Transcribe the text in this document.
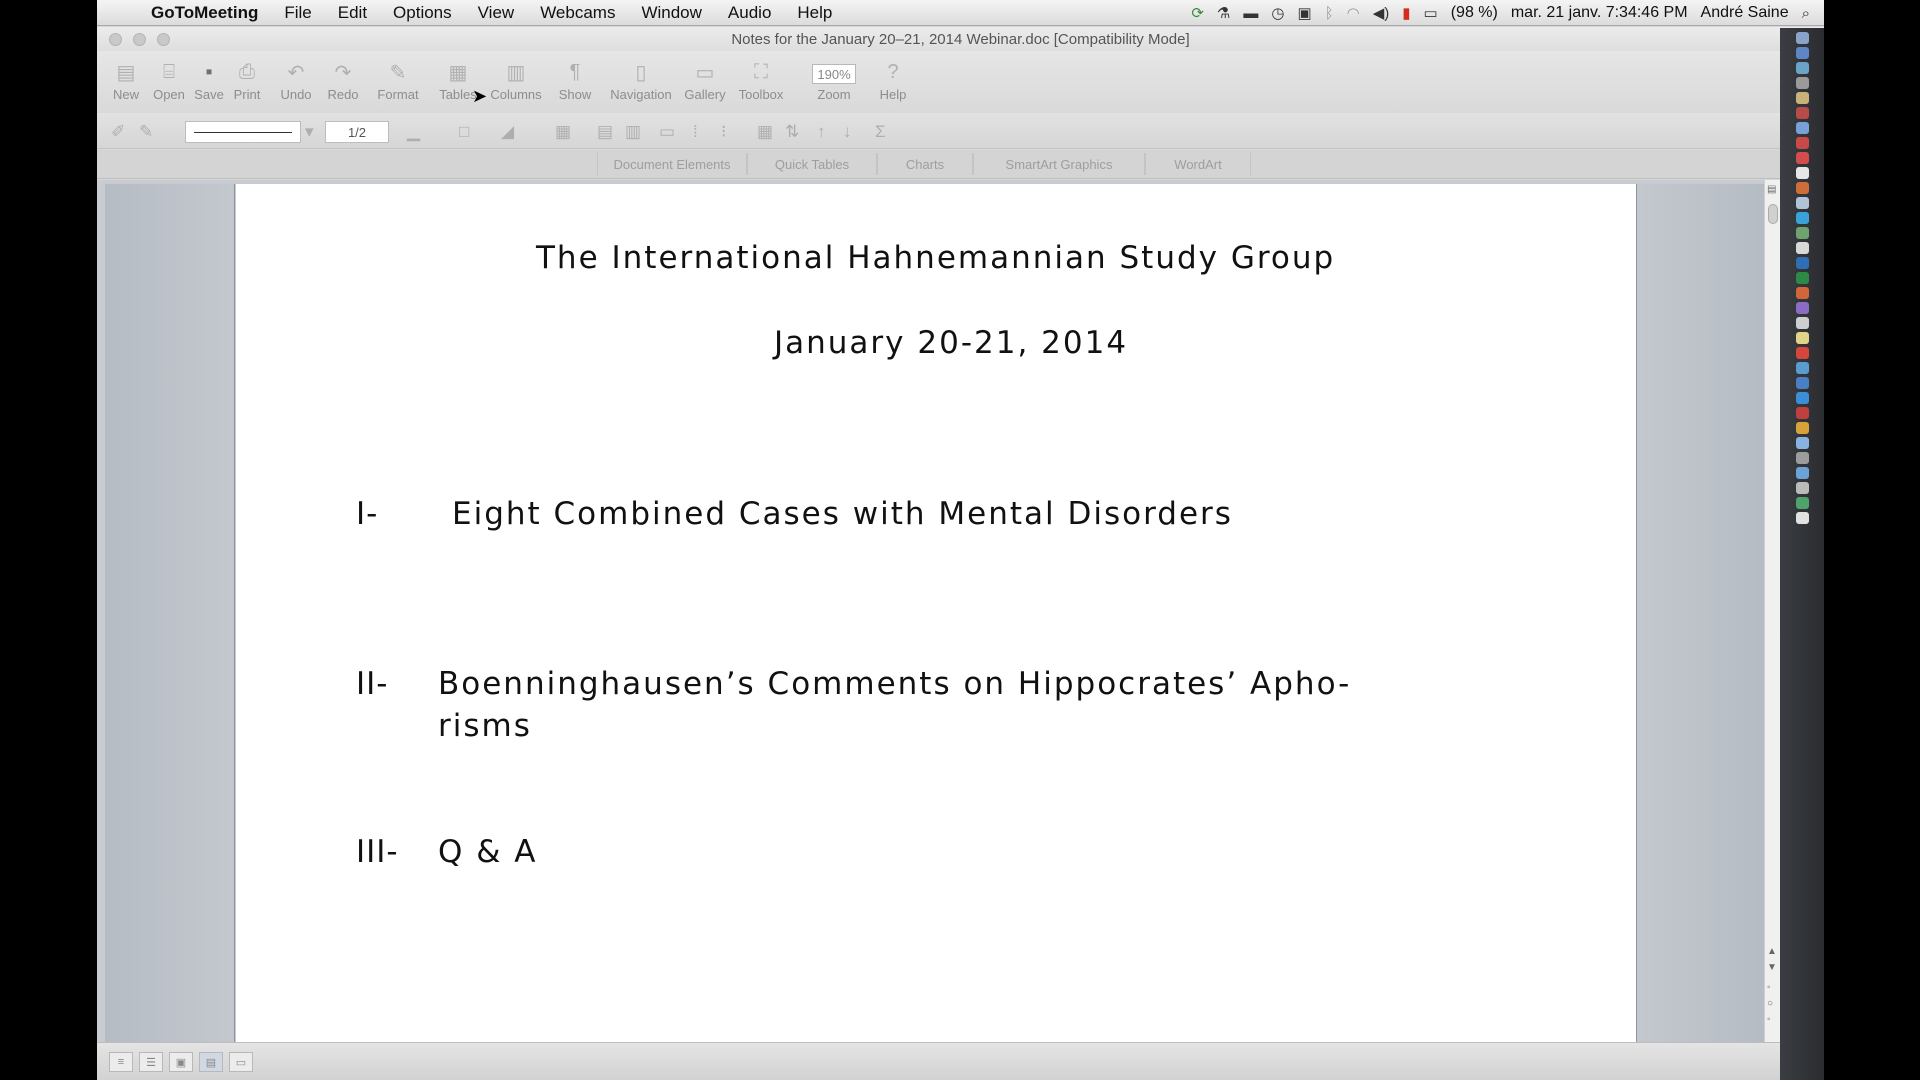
GoToMeeting	File	Edit	Options	View	Webcams	Window	Audio	Help	⟳ ⚗ ▬ ◷ ▣ ᛒ ◠ ◀) ▮ ▭ (98 %) mar. 21 janv. 7:34:46 PM André Saine ⌕
Notes for the January 20–21, 2014 Webinar.doc [Compatibility Mode]
▤
New
⌸
Open
▪
Save
⎙
Print
↶
Undo
↷
Redo
✎
Format
▦
Tables
▥
Columns
¶
Show
▯
Navigation
▭
Gallery
⛶
Toolbox
190%
Zoom
?
Help
✐ ✎	▾	1/2	▁ □ ◢ ▦ ▤ ▥ ▭ ⁞ ⁝ ▦ ⇅ ↑ ↓ Σ
Document Elements	Quick Tables	Charts	SmartArt Graphics	WordArt
The International Hahnemannian Study Group
January 20-21, 2014
I- Eight Combined Cases with Mental Disorders
II- Boenninghausen’s Comments on Hippocrates’ Apho-
risms
III- Q & A
▤
▲
▼
◦
○
◦
≡	☰	▣	▤	▭
➤
